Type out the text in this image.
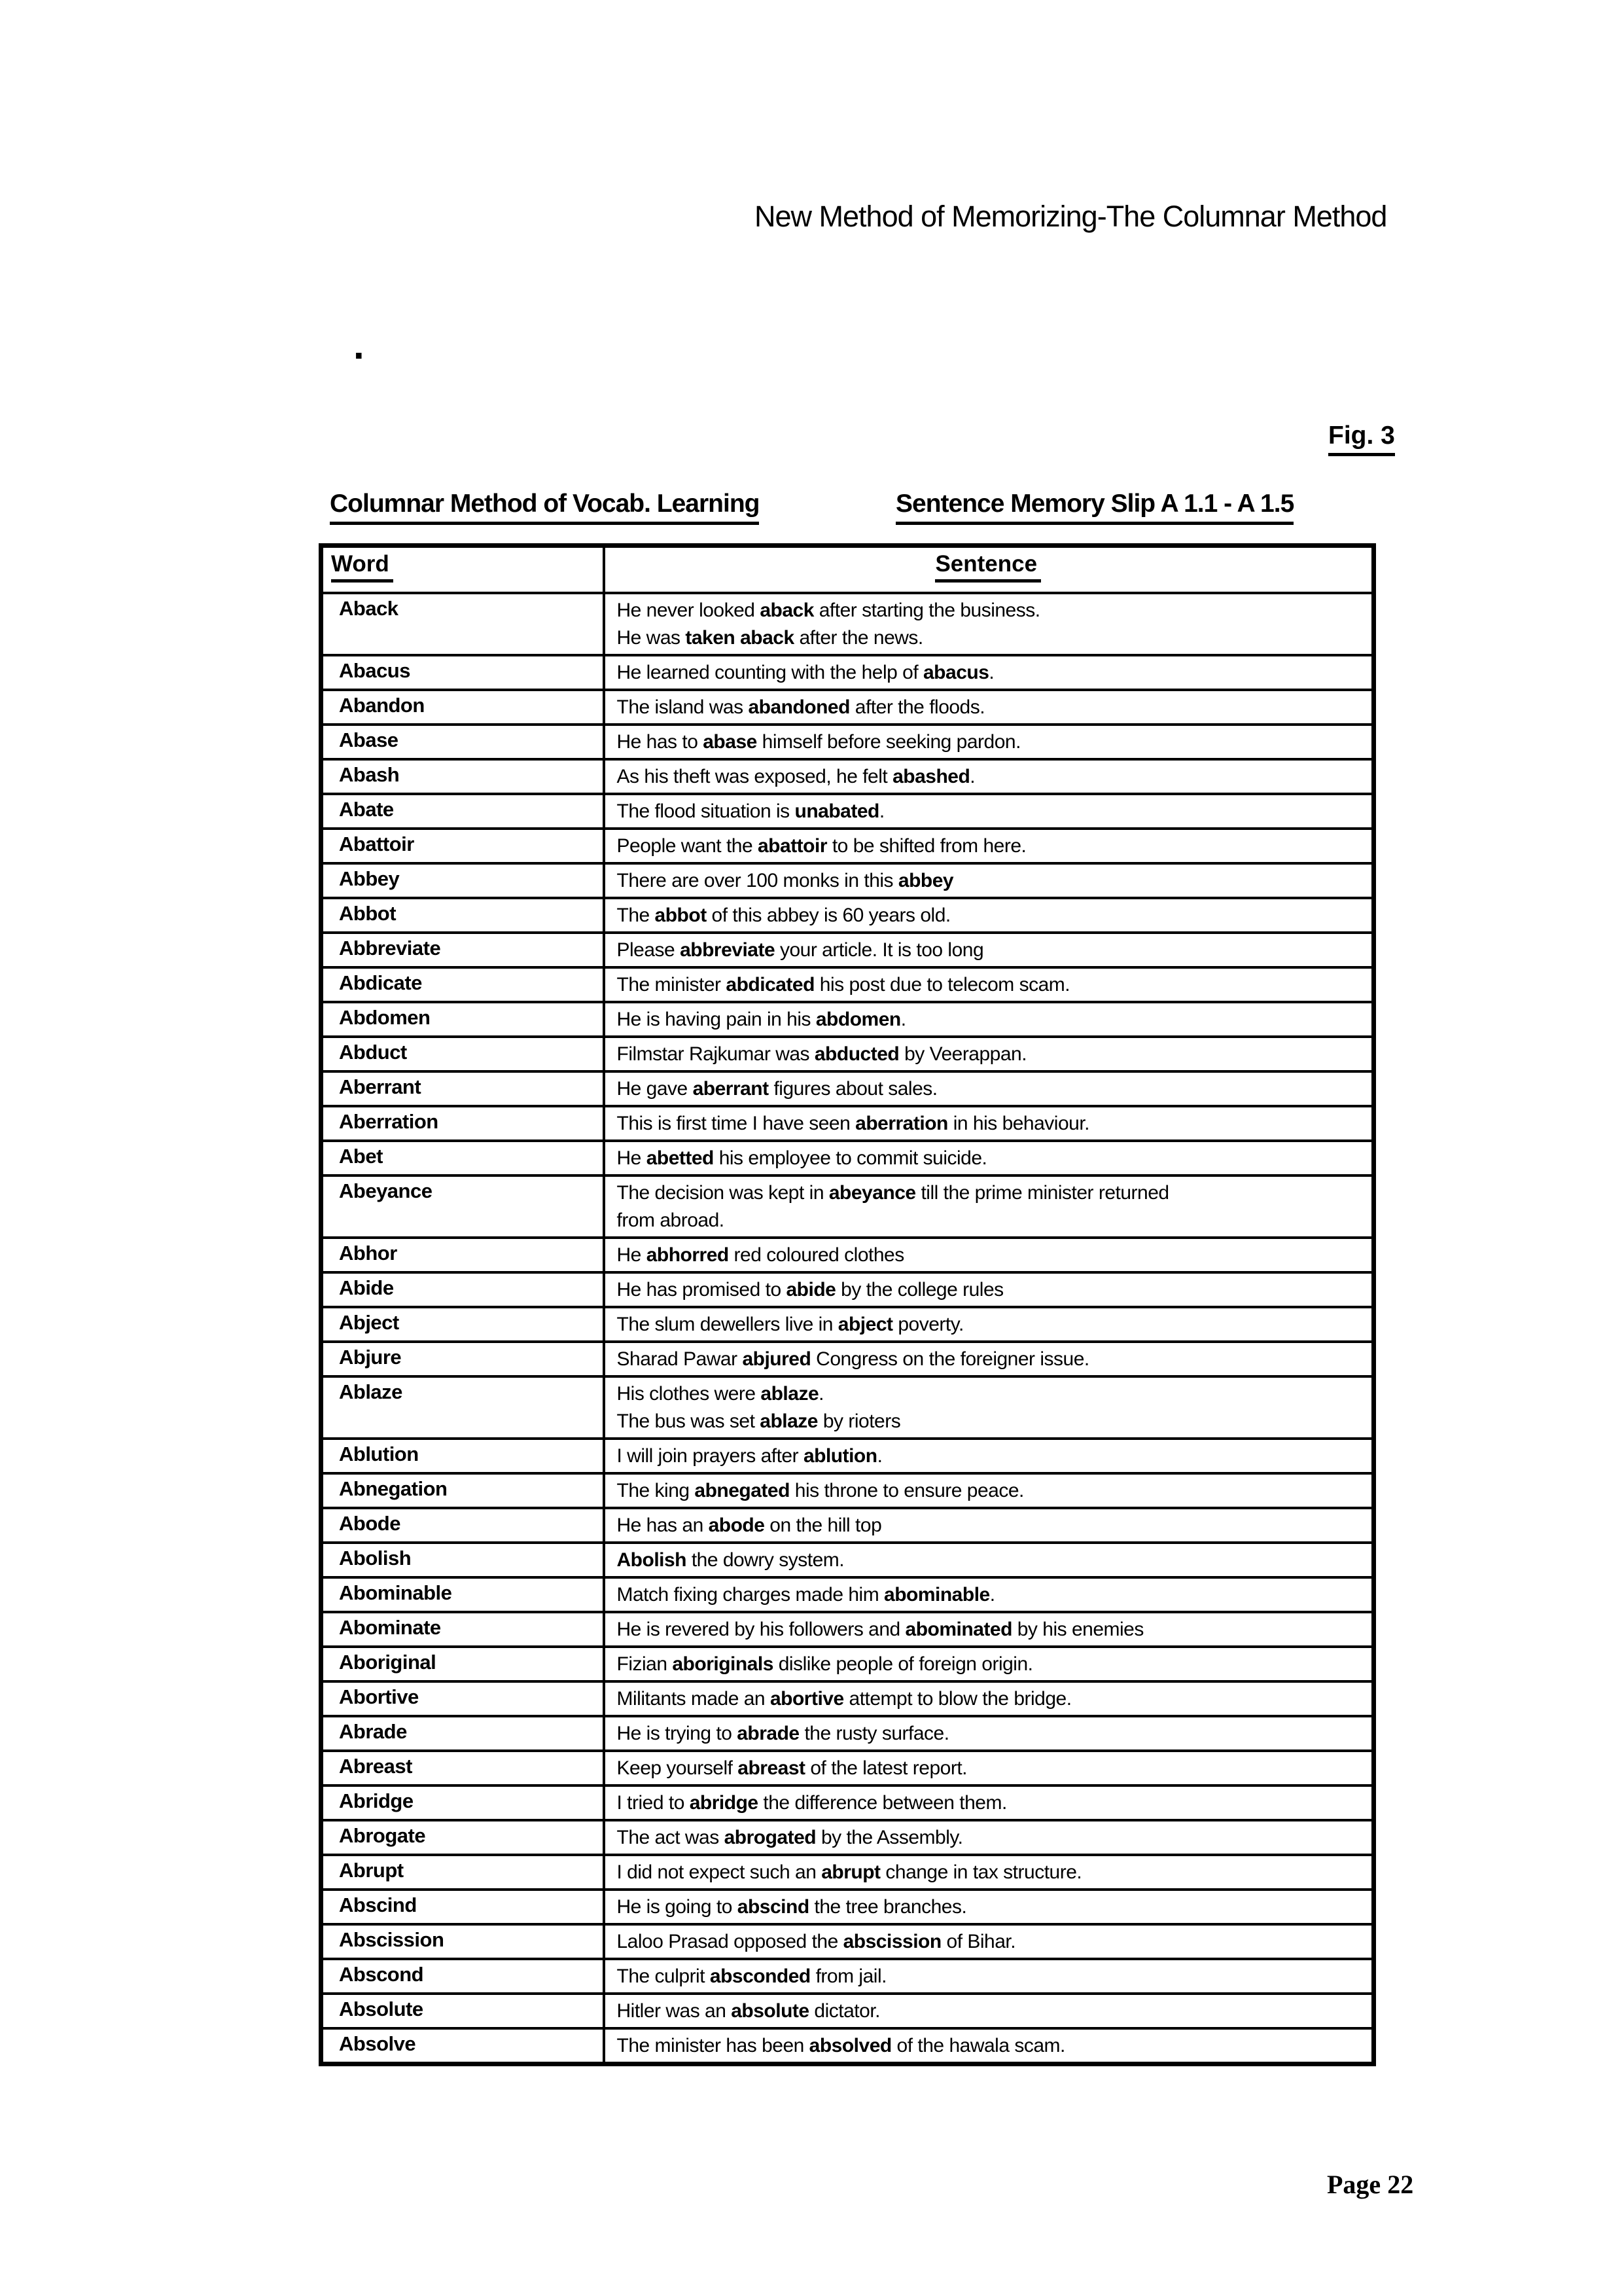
New Method of Memorizing-The Columnar Method
.
Fig. 3
Columnar Method of Vocab. Learning	Sentence Memory Slip A 1.1 - A 1.5
Word	Sentence
Aback	He never looked aback after starting the business.
He was taken aback after the news.

Abacus	He learned counting with the help of abacus.

Abandon	The island was abandoned after the floods.

Abase	He has to abase himself before seeking pardon.

Abash	As his theft was exposed, he felt abashed.

Abate	The flood situation is unabated.

Abattoir	People want the abattoir to be shifted from here.

Abbey	There are over 100 monks in this abbey

Abbot	The abbot of this abbey is 60 years old.

Abbreviate	Please abbreviate your article. It is too long

Abdicate	The minister abdicated his post due to telecom scam.

Abdomen	He is having pain in his abdomen.

Abduct	Filmstar Rajkumar was abducted by Veerappan.

Aberrant	He gave aberrant figures about sales.

Aberration	This is first time I have seen aberration in his behaviour.

Abet	He abetted his employee to commit suicide.

Abeyance	The decision was kept in abeyance till the prime minister returned
from abroad.

Abhor	He abhorred red coloured clothes

Abide	He has promised to abide by the college rules

Abject	The slum dewellers live in abject poverty.

Abjure	Sharad Pawar abjured Congress on the foreigner issue.

Ablaze	His clothes were ablaze.
The bus was set ablaze by rioters

Ablution	I will join prayers after ablution.

Abnegation	The king abnegated his throne to ensure peace.

Abode	He has an abode on the hill top

Abolish	Abolish the dowry system.

Abominable	Match fixing charges made him abominable.

Abominate	He is revered by his followers and abominated by his enemies

Aboriginal	Fizian aboriginals dislike people of foreign origin.

Abortive	Militants made an abortive attempt to blow the bridge.

Abrade	He is trying to abrade the rusty surface.

Abreast	Keep yourself abreast of the latest report.

Abridge	I tried to abridge the difference between them.

Abrogate	The act was abrogated by the Assembly.

Abrupt	I did not expect such an abrupt change in tax structure.

Abscind	He is going to abscind the tree branches.

Abscission	Laloo Prasad opposed the abscission of Bihar.

Abscond	The culprit absconded from jail.

Absolute	Hitler was an absolute dictator.

Absolve	The minister has been absolved of the hawala scam.
Page 22
